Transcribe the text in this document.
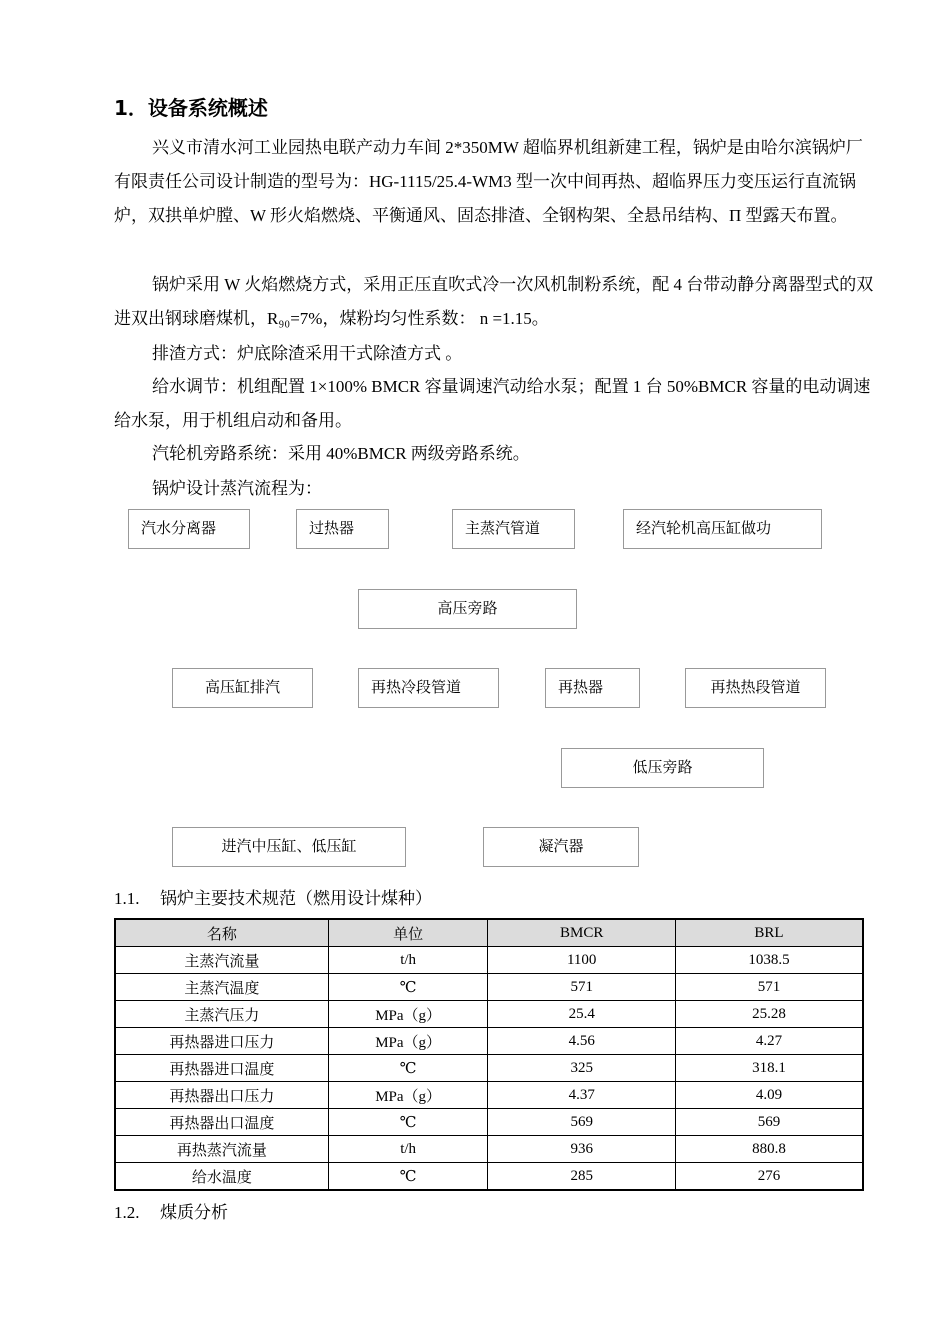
1．设备系统概述

兴义市清水河工业园热电联产动力车间 2*350MW 超临界机组新建工程，锅炉是由哈尔滨锅炉厂有限责任公司设计制造的型号为：HG-1115/25.4-WM3 型一次中间再热、超临界压力变压运行直流锅炉，双拱单炉膛、W 形火焰燃烧、平衡通风、固态排渣、全钢构架、全悬吊结构、Π 型露天布置。

锅炉采用 W 火焰燃烧方式，采用正压直吹式冷一次风机制粉系统，配 4 台带动静分离器型式的双进双出钢球磨煤机，R₉₀=7%，煤粉均匀性系数： n =1.15。

排渣方式：炉底除渣采用干式除渣方式 。

给水调节：机组配置 1×100% BMCR 容量调速汽动给水泵；配置 1 台 50%BMCR 容量的电动调速给水泵，用于机组启动和备用。

汽轮机旁路系统：采用 40%BMCR 两级旁路系统。

锅炉设计蒸汽流程为：

汽水分离器	过热器	主蒸汽管道	经汽轮机高压缸做功
高压旁路
高压缸排汽	再热冷段管道	再热器	再热热段管道
低压旁路
进汽中压缸、低压缸	凝汽器
1.1. 锅炉主要技术规范（燃用设计煤种）
名称	单位	BMCR	BRL
主蒸汽流量	t/h	1100	1038.5
主蒸汽温度	℃	571	571
主蒸汽压力	MPa（g）	25.4	25.28
再热器进口压力	MPa（g）	4.56	4.27
再热器进口温度	℃	325	318.1
再热器出口压力	MPa（g）	4.37	4.09
再热器出口温度	℃	569	569
再热蒸汽流量	t/h	936	880.8
给水温度	℃	285	276
1.2. 煤质分析
